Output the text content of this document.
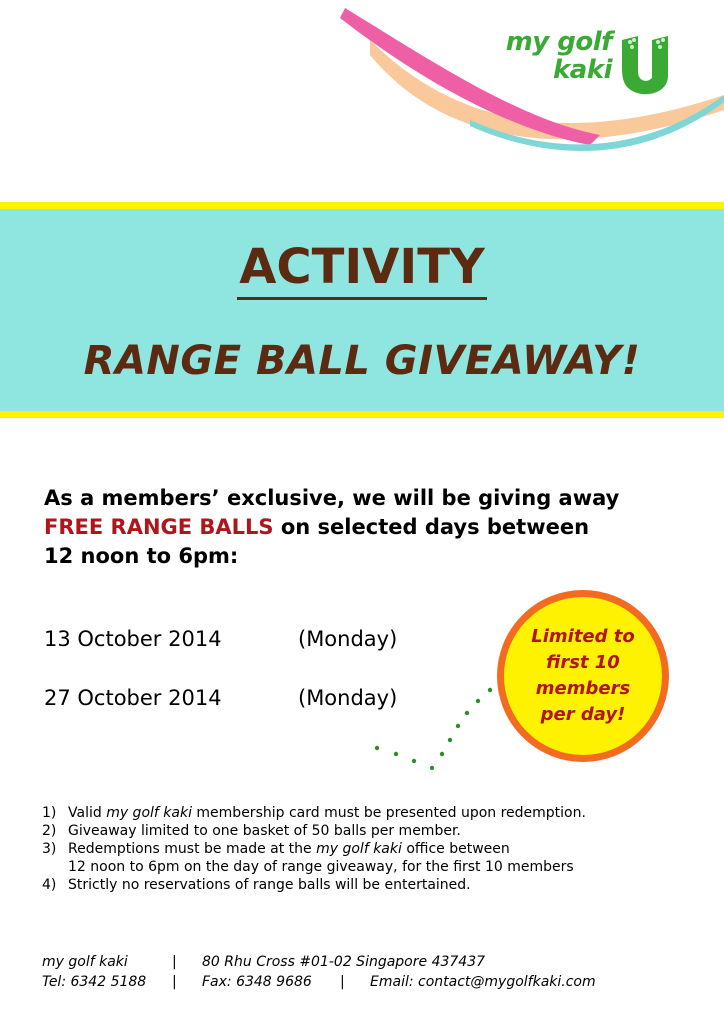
my golf
kaki
ACTIVITY
RANGE BALL GIVEAWAY!
As a members’ exclusive, we will be giving away
FREE RANGE BALLS on selected days between
12 noon to 6pm:
13 October 2014	(Monday)
27 October 2014	(Monday)
Limited to
first 10
members
per day!
1) Valid my golf kaki membership card must be presented upon redemption.
2) Giveaway limited to one basket of 50 balls per member.
3) Redemptions must be made at the my golf kaki office between
12 noon to 6pm on the day of range giveaway, for the first 10 members
4) Strictly no reservations of range balls will be entertained.
my golf kaki	| 80 Rhu Cross #01-02 Singapore 437437
Tel: 6342 5188 | Fax: 6348 9686 | Email: contact@mygolfkaki.com
